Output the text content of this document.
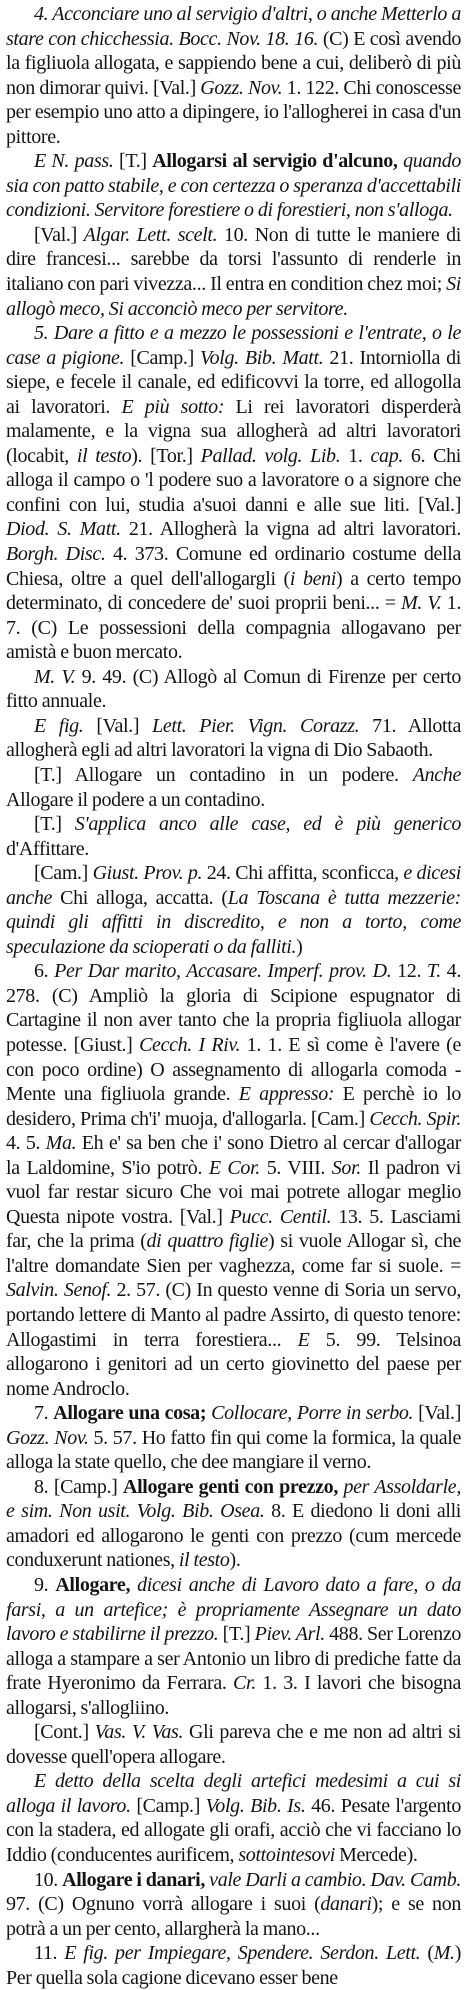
4. Acconciare uno al servigio d'altri, o anche Metterlo a stare con chicchessia. Bocc. Nov. 18. 16. (C) E così avendo la figliuola allogata, e sappiendo bene a cui, deliberò di più non dimorar quivi. [Val.] Gozz. Nov. 1. 122. Chi conoscesse per esempio uno atto a dipingere, io l'allogherei in casa d'un pittore.

E N. pass. [T.] Allogarsi al servigio d'alcuno, quando sia con patto stabile, e con certezza o speranza d'accettabili condizioni. Servitore forestiere o di forestieri, non s'alloga.

[Val.] Algar. Lett. scelt. 10. Non di tutte le maniere di dire francesi... sarebbe da torsi l'assunto di renderle in italiano con pari vivezza... Il entra en condition chez moi; Si allogò meco, Si acconciò meco per servitore.

5. Dare a fitto e a mezzo le possessioni e l'entrate, o le case a pigione. [Camp.] Volg. Bib. Matt. 21. Intorniolla di siepe, e fecele il canale, ed edificovvi la torre, ed allogolla ai lavoratori. E più sotto: Li rei lavoratori disperderà malamente, e la vigna sua allogherà ad altri lavoratori (locabit, il testo). [Tor.] Pallad. volg. Lib. 1. cap. 6. Chi alloga il campo o 'l podere suo a lavoratore o a signore che confini con lui, studia a'suoi danni e alle sue liti. [Val.] Diod. S. Matt. 21. Allogherà la vigna ad altri lavoratori. Borgh. Disc. 4. 373. Comune ed ordinario costume della Chiesa, oltre a quel dell'allogargli (i beni) a certo tempo determinato, di concedere de' suoi proprii beni... = M. V. 1. 7. (C) Le possessioni della compagnia allogavano per amistà e buon mercato.

M. V. 9. 49. (C) Allogò al Comun di Firenze per certo fitto annuale.

E fig. [Val.] Lett. Pier. Vign. Corazz. 71. Allotta allogherà egli ad altri lavoratori la vigna di Dio Sabaoth.

[T.] Allogare un contadino in un podere. Anche Allogare il podere a un contadino.

[T.] S'applica anco alle case, ed è più generico d'Affittare.

[Cam.] Giust. Prov. p. 24. Chi affitta, sconficca, e dicesi anche Chi alloga, accatta. (La Toscana è tutta mezzerie: quindi gli affitti in discredito, e non a torto, come speculazione da scioperati o da falliti.)

6. Per Dar marito, Accasare. Imperf. prov. D. 12. T. 4. 278. (C) Ampliò la gloria di Scipione espugnator di Cartagine il non aver tanto che la propria figliuola allogar potesse. [Giust.] Cecch. I Riv. 1. 1. E sì come è l'avere (e con poco ordine) O assegnamento di allogarla comoda - Mente una figliuola grande. E appresso: E perchè io lo desidero, Prima ch'i' muoja, d'allogarla. [Cam.] Cecch. Spir. 4. 5. Ma. Eh e' sa ben che i' sono Dietro al cercar d'allogar la Laldomine, S'io potrò. E Cor. 5. VIII. Sor. Il padron vi vuol far restar sicuro Che voi mai potrete allogar meglio Questa nipote vostra. [Val.] Pucc. Centil. 13. 5. Lasciami far, che la prima (di quattro figlie) si vuole Allogar sì, che l'altre domandate Sien per vaghezza, come far si suole. = Salvin. Senof. 2. 57. (C) In questo venne di Soria un servo, portando lettere di Manto al padre Assirto, di questo tenore: Allogastimi in terra forestiera... E 5. 99. Telsinoa allogarono i genitori ad un certo giovinetto del paese per nome Androclo.

7. Allogare una cosa; Collocare, Porre in serbo. [Val.] Gozz. Nov. 5. 57. Ho fatto fin qui come la formica, la quale alloga la state quello, che dee mangiare il verno.

8. [Camp.] Allogare genti con prezzo, per Assoldarle, e sim. Non usit. Volg. Bib. Osea. 8. E diedono li doni alli amadori ed allogarono le genti con prezzo (cum mercede conduxerunt nationes, il testo).

9. Allogare, dicesi anche di Lavoro dato a fare, o da farsi, a un artefice; è propriamente Assegnare un dato lavoro e stabilirne il prezzo. [T.] Piev. Arl. 488. Ser Lorenzo alloga a stampare a ser Antonio un libro di prediche fatte da frate Hyeronimo da Ferrara. Cr. 1. 3. I lavori che bisogna allogarsi, s'allogliino.

[Cont.] Vas. V. Vas. Gli pareva che e me non ad altri si dovesse quell'opera allogare.

E detto della scelta degli artefici medesimi a cui si alloga il lavoro. [Camp.] Volg. Bib. Is. 46. Pesate l'argento con la stadera, ed allogate gli orafi, acciò che vi facciano lo Iddio (conducentes aurificem, sottointesovi Mercede).

10. Allogare i danari, vale Darli a cambio. Dav. Camb. 97. (C) Ognuno vorrà allogare i suoi (danari); e se non potrà a un per cento, allargherà la mano...

11. E fig. per Impiegare, Spendere. Serdon. Lett. (M.) Per quella sola cagione dicevano esser bene
